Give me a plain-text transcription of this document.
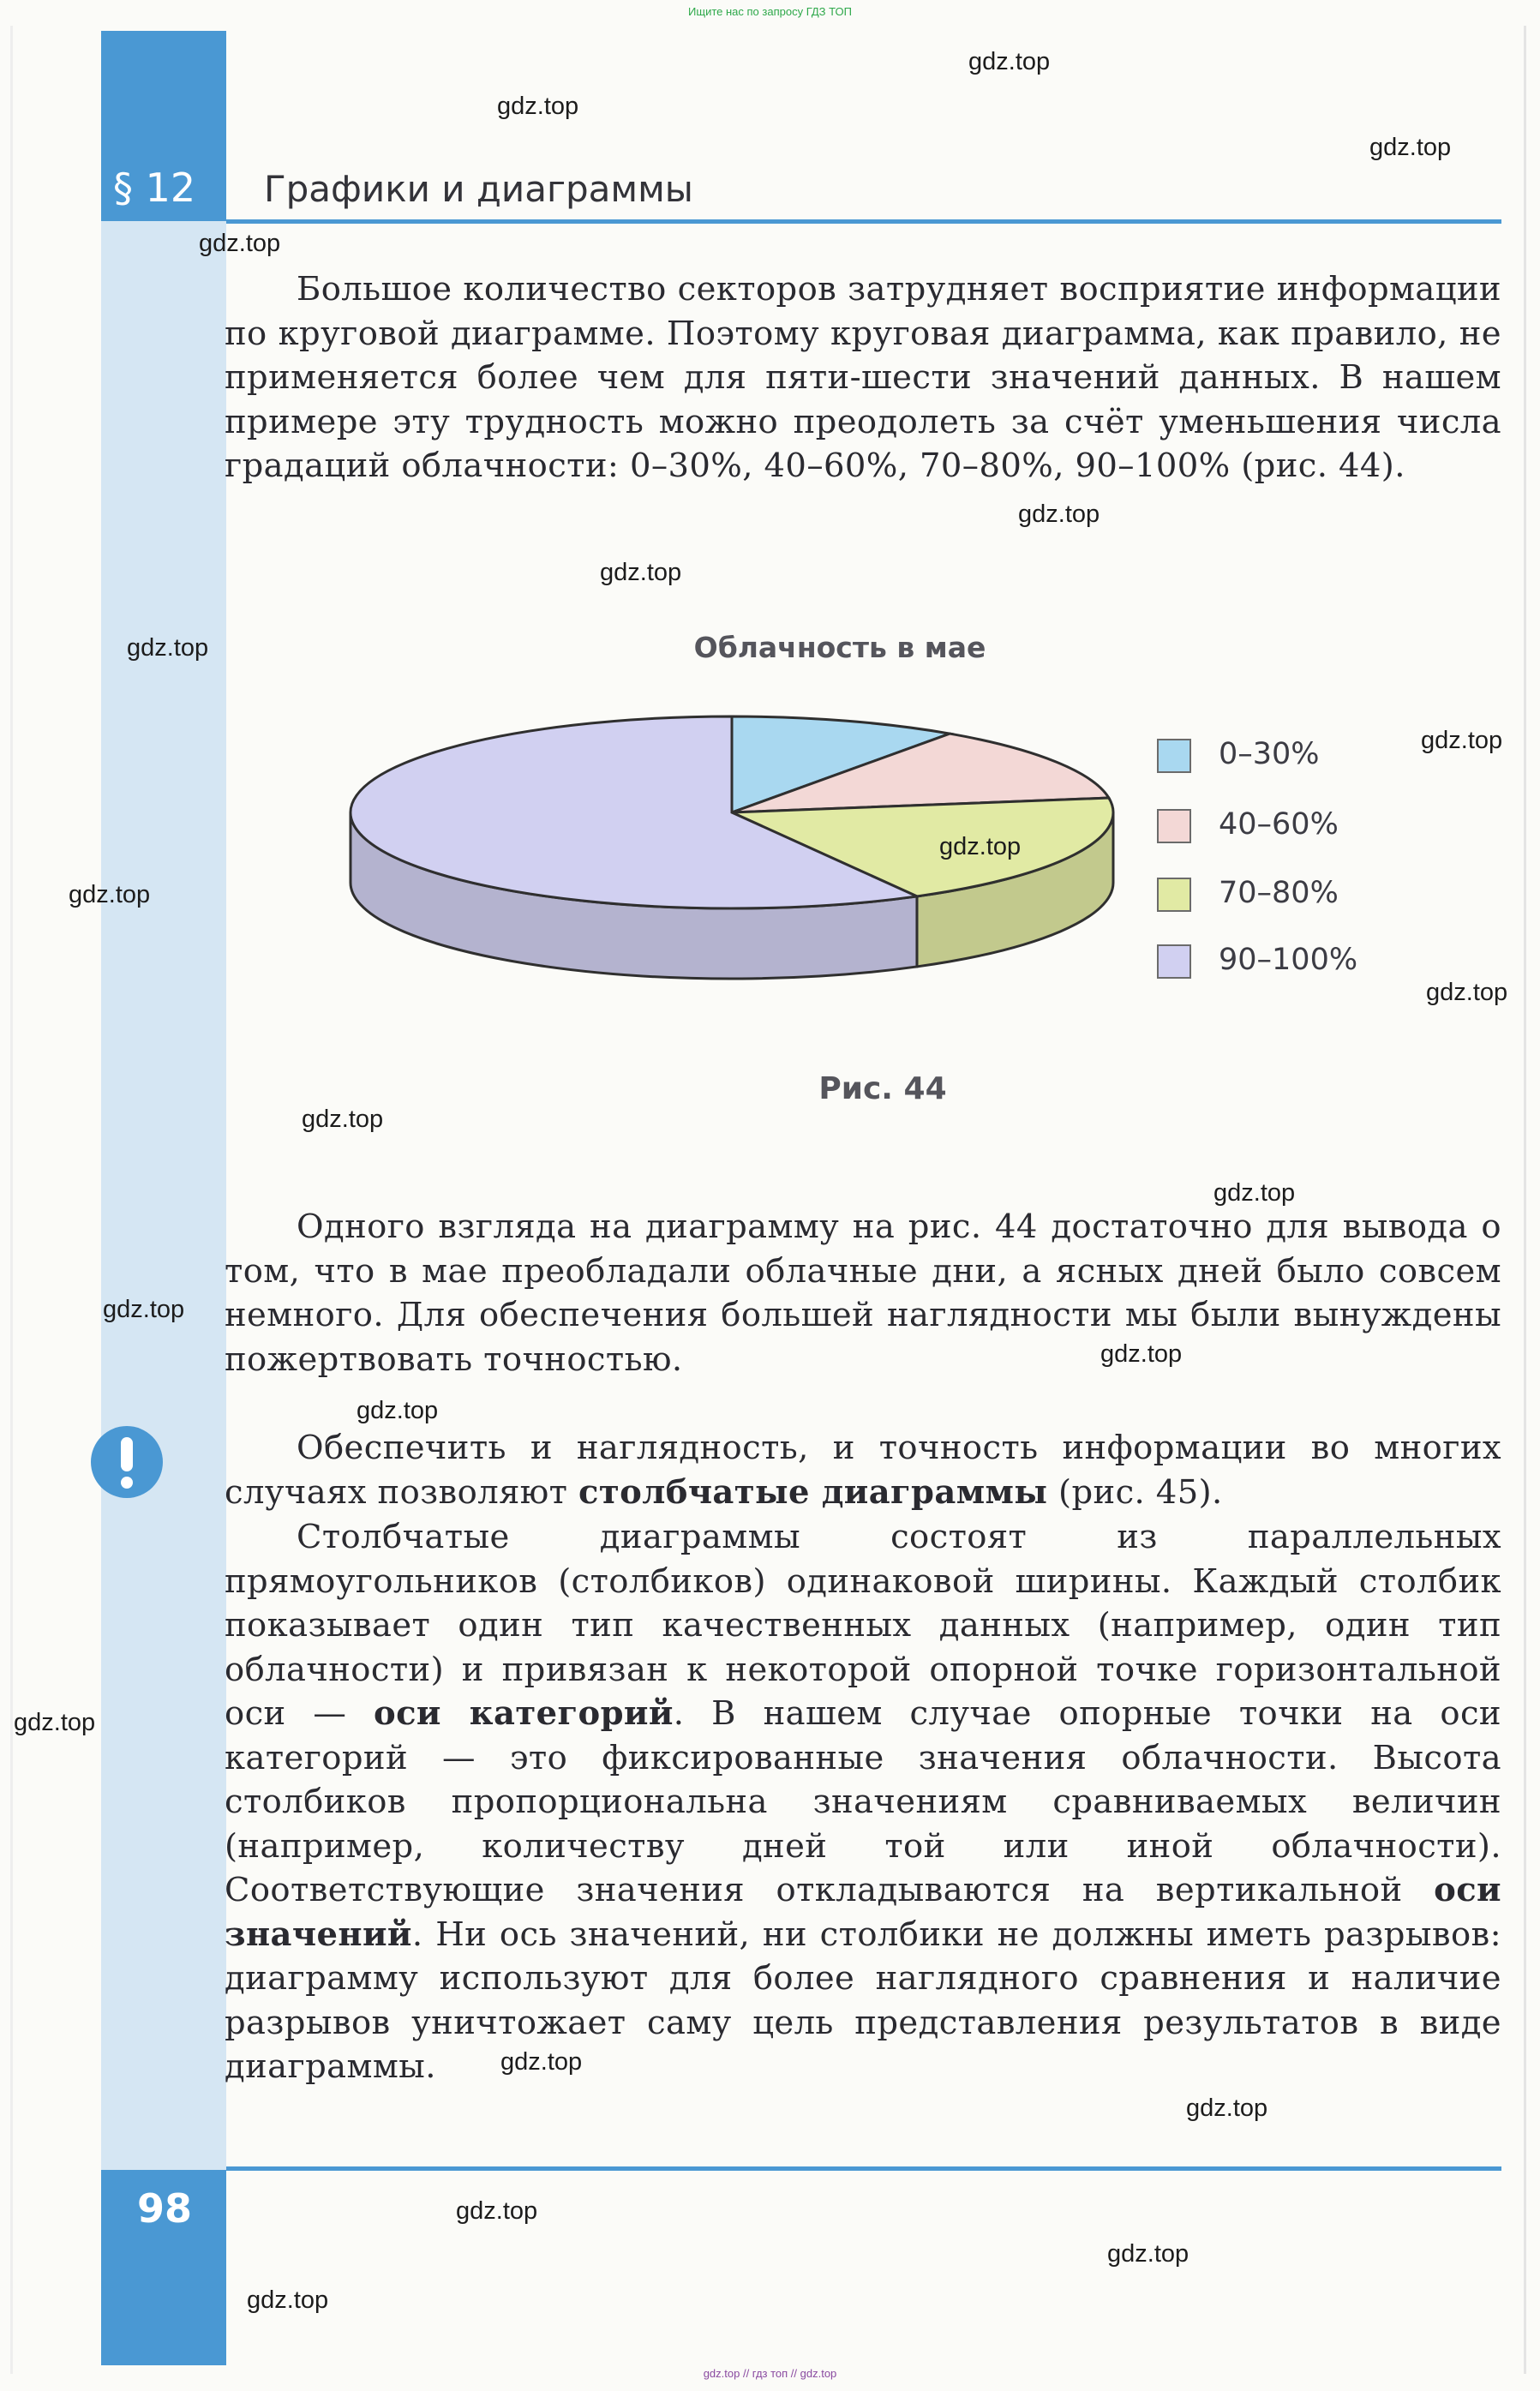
Ищите нас по запросу ГДЗ ТОП
§ 12 Графики и диаграммы

Большое количество секторов затрудняет восприятие информации по круговой диаграмме. Поэтому круговая диаграмма, как правило, не применяется более чем для пяти-шести значений данных. В нашем примере эту трудность можно преодолеть за счёт уменьшения числа градаций облачности: 0–30%, 40–60%, 70–80%, 90–100% (рис. 44).

Облачность в мае
0–30%
40–60%
70–80%
90–100%
Рис. 44

Одного взгляда на диаграмму на рис. 44 достаточно для вывода о том, что в мае преобладали облачные дни, а ясных дней было совсем немного. Для обеспечения большей наглядности мы были вынуждены пожертвовать точностью.

Обеспечить и наглядность, и точность информации во многих случаях позволяют столбчатые диаграммы (рис. 45).

Столбчатые диаграммы состоят из параллельных прямоугольников (столбиков) одинаковой ширины. Каждый столбик показывает один тип качественных данных (например, один тип облачности) и привязан к некоторой опорной точке горизонтальной оси — оси категорий. В нашем случае опорные точки на оси категорий — это фиксированные значения облачности. Высота столбиков пропорциональна значениям сравниваемых величин (например, количеству дней той или иной облачности). Соответствующие значения откладываются на вертикальной оси значений. Ни ось значений, ни столбики не должны иметь разрывов: диаграмму используют для более наглядного сравнения и наличие разрывов уничтожает саму цель представления результатов в виде диаграммы.

98
gdz.top
gdz.top
gdz.top
gdz.top
gdz.top
gdz.top
gdz.top
gdz.top
gdz.top
gdz.top
gdz.top
gdz.top
gdz.top
gdz.top
gdz.top
gdz.top
gdz.top
gdz.top
gdz.top
gdz.top
gdz.top
gdz.top
gdz.top // гдз топ // gdz.top
